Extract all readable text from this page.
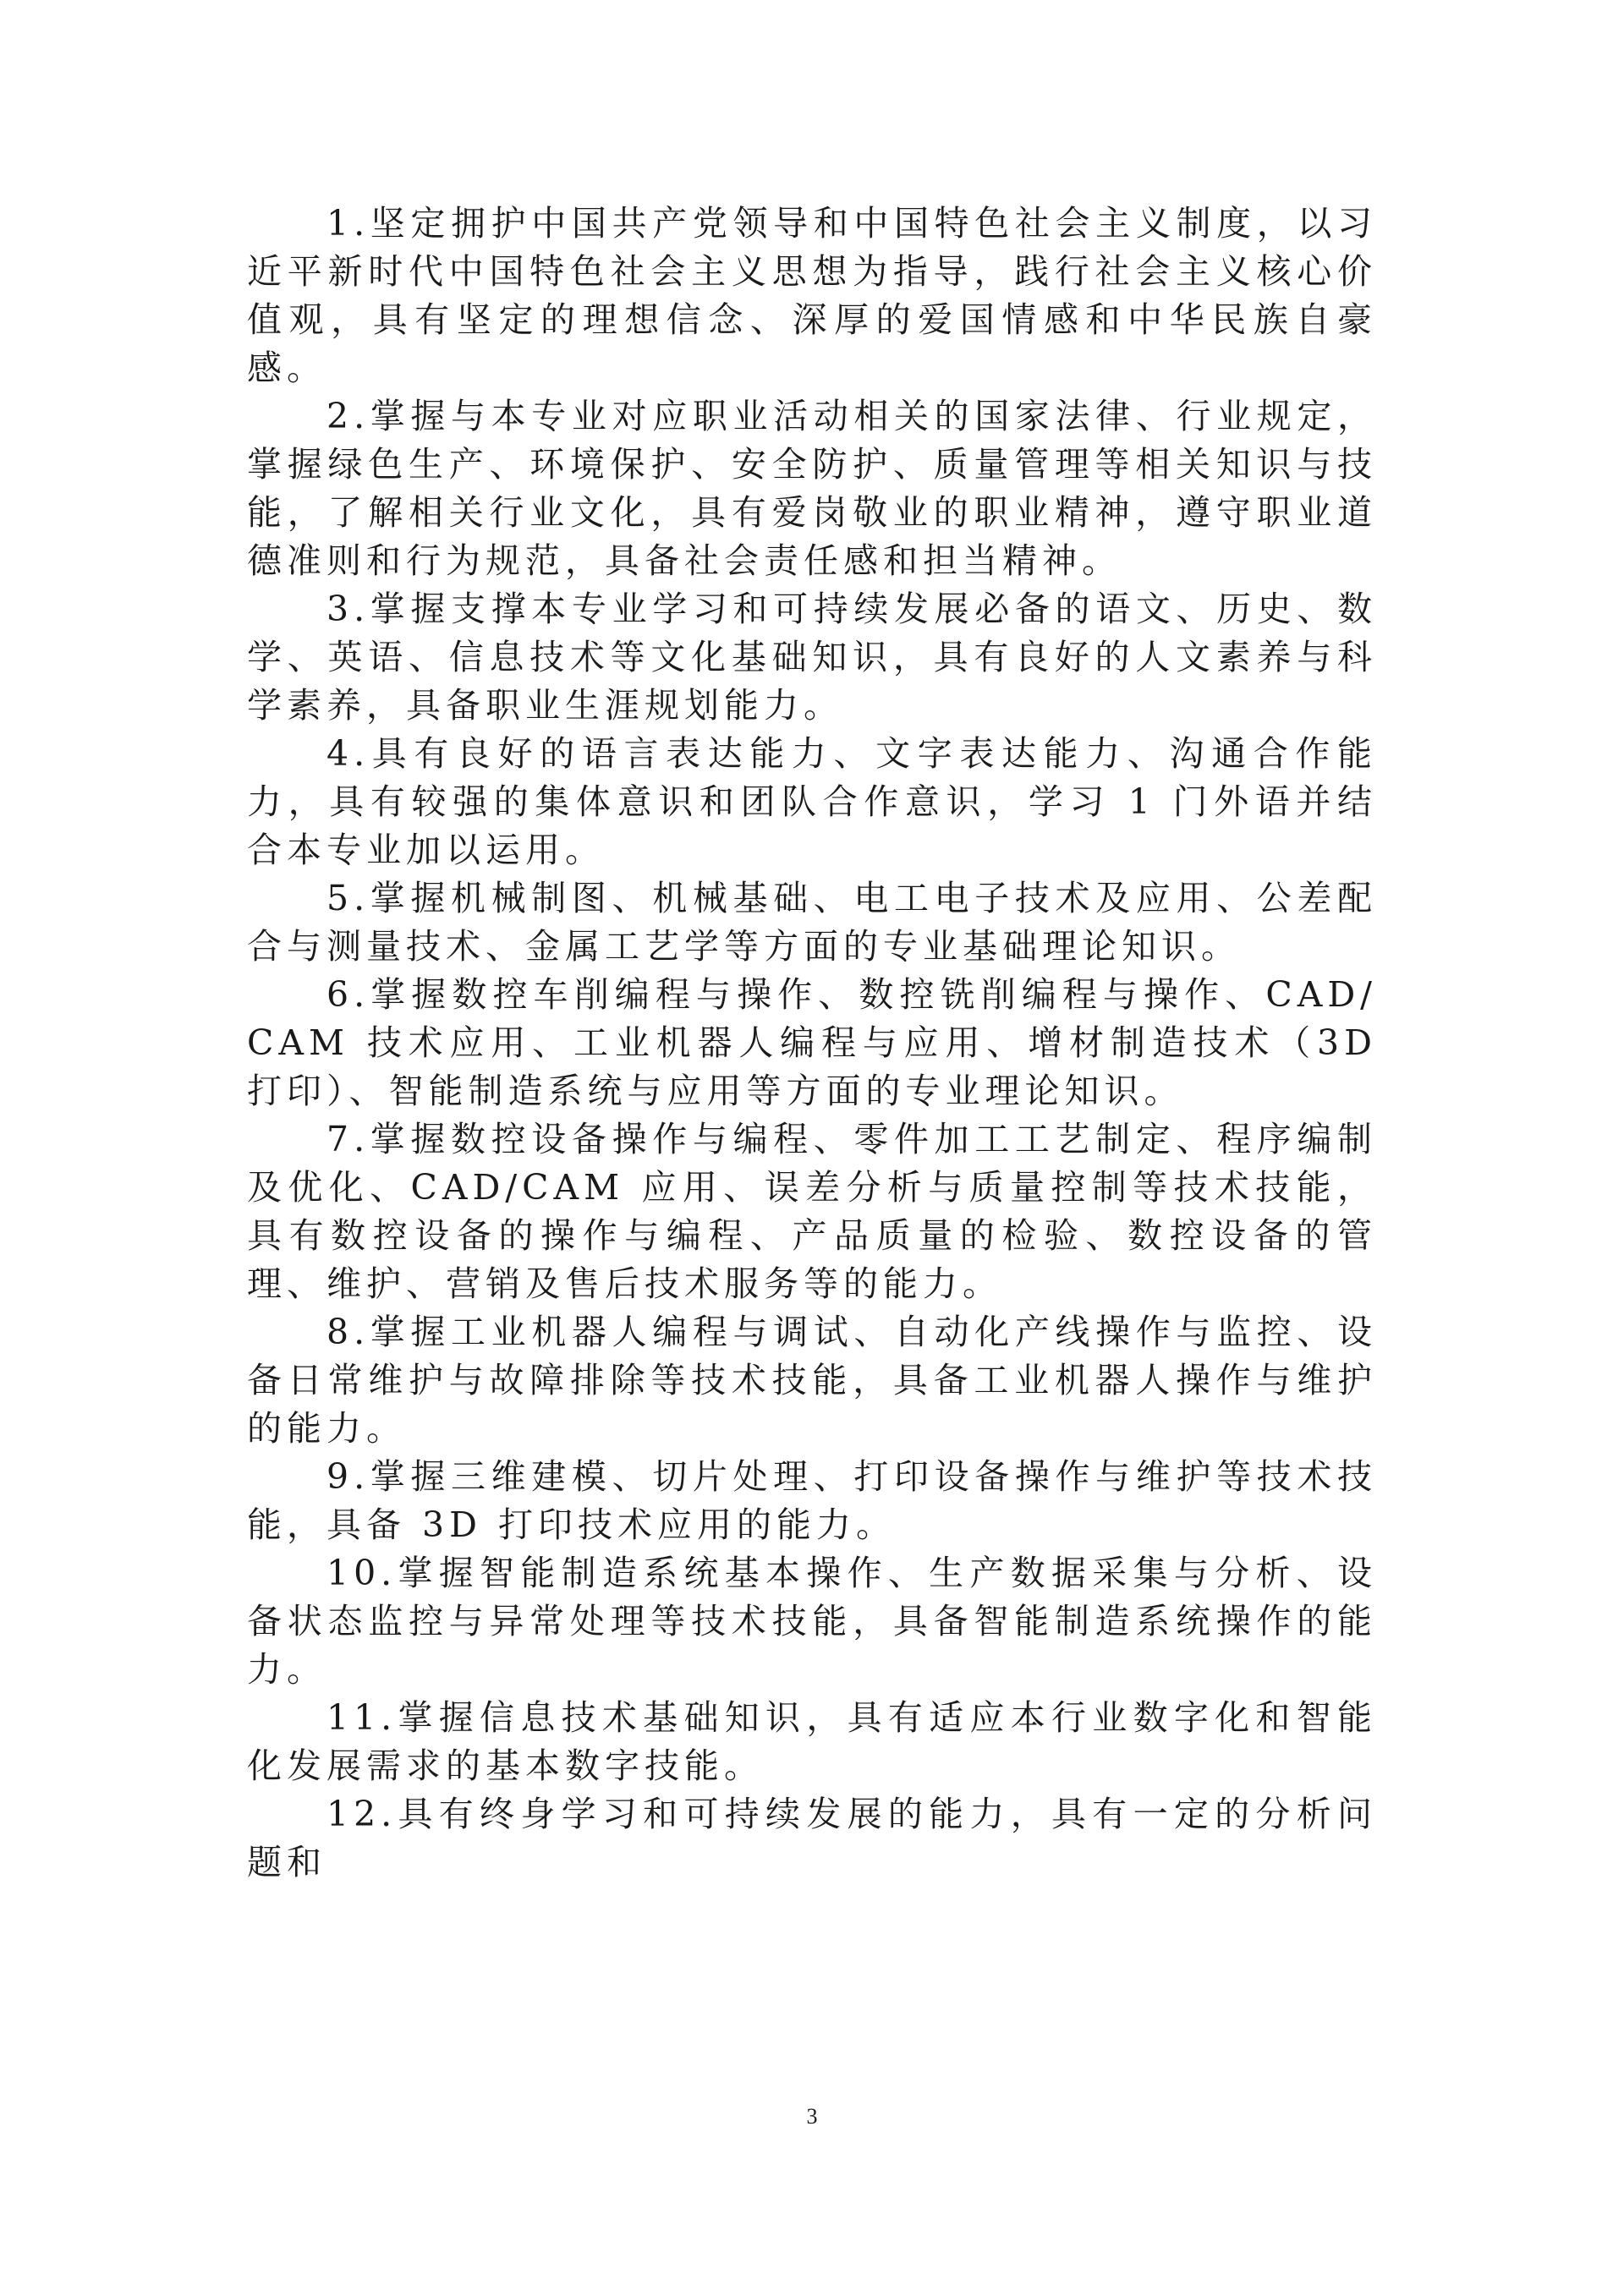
1.坚定拥护中国共产党领导和中国特色社会主义制度，以习近平新时代中国特色社会主义思想为指导，践行社会主义核心价值观，具有坚定的理想信念、深厚的爱国情感和中华民族自豪感。

2.掌握与本专业对应职业活动相关的国家法律、行业规定，掌握绿色生产、环境保护、安全防护、质量管理等相关知识与技能，了解相关行业文化，具有爱岗敬业的职业精神，遵守职业道德准则和行为规范，具备社会责任感和担当精神。

3.掌握支撑本专业学习和可持续发展必备的语文、历史、数学、英语、信息技术等文化基础知识，具有良好的人文素养与科学素养，具备职业生涯规划能力。

4.具有良好的语言表达能力、文字表达能力、沟通合作能力，具有较强的集体意识和团队合作意识，学习 1 门外语并结合本专业加以运用。

5.掌握机械制图、机械基础、电工电子技术及应用、公差配合与测量技术、金属工艺学等方面的专业基础理论知识。

6.掌握数控车削编程与操作、数控铣削编程与操作、CAD/CAM 技术应用、工业机器人编程与应用、增材制造技术（3D 打印）、智能制造系统与应用等方面的专业理论知识。

7.掌握数控设备操作与编程、零件加工工艺制定、程序编制及优化、CAD/CAM 应用、误差分析与质量控制等技术技能，具有数控设备的操作与编程、产品质量的检验、数控设备的管理、维护、营销及售后技术服务等的能力。

8.掌握工业机器人编程与调试、自动化产线操作与监控、设备日常维护与故障排除等技术技能，具备工业机器人操作与维护的能力。

9.掌握三维建模、切片处理、打印设备操作与维护等技术技能，具备 3D 打印技术应用的能力。

10.掌握智能制造系统基本操作、生产数据采集与分析、设备状态监控与异常处理等技术技能，具备智能制造系统操作的能力。

11.掌握信息技术基础知识，具有适应本行业数字化和智能化发展需求的基本数字技能。

12.具有终身学习和可持续发展的能力，具有一定的分析问题和

3
